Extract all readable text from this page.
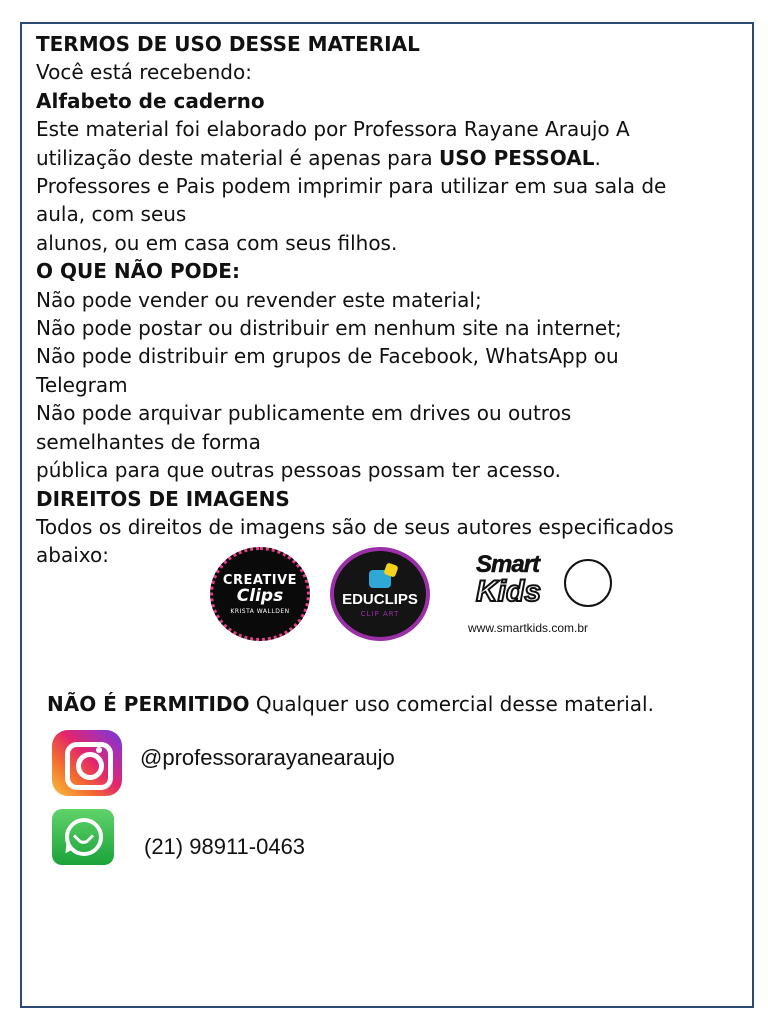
TERMOS DE USO DESSE MATERIAL

Você está recebendo:

Alfabeto de caderno

Este material foi elaborado por Professora Rayane Araujo A

utilização deste material é apenas para USO PESSOAL.

Professores e Pais podem imprimir para utilizar em sua sala de

aula, com seus

alunos, ou em casa com seus filhos.

O QUE NÃO PODE:

Não pode vender ou revender este material;

Não pode postar ou distribuir em nenhum site na internet;

Não pode distribuir em grupos de Facebook, WhatsApp ou

Telegram

Não pode arquivar publicamente em drives ou outros

semelhantes de forma

pública para que outras pessoas possam ter acesso.

DIREITOS DE IMAGENS

Todos os direitos de imagens são de seus autores especificados

abaixo:

CREATIVE
Clips
KRISTA WALLDEN
EDUCLIPS
CLIP ART
Smart
Kids
www.smartkids.com.br
NÃO É PERMITIDO Qualquer uso comercial desse material.
@professorarayanearaujo
(21) 98911-0463
